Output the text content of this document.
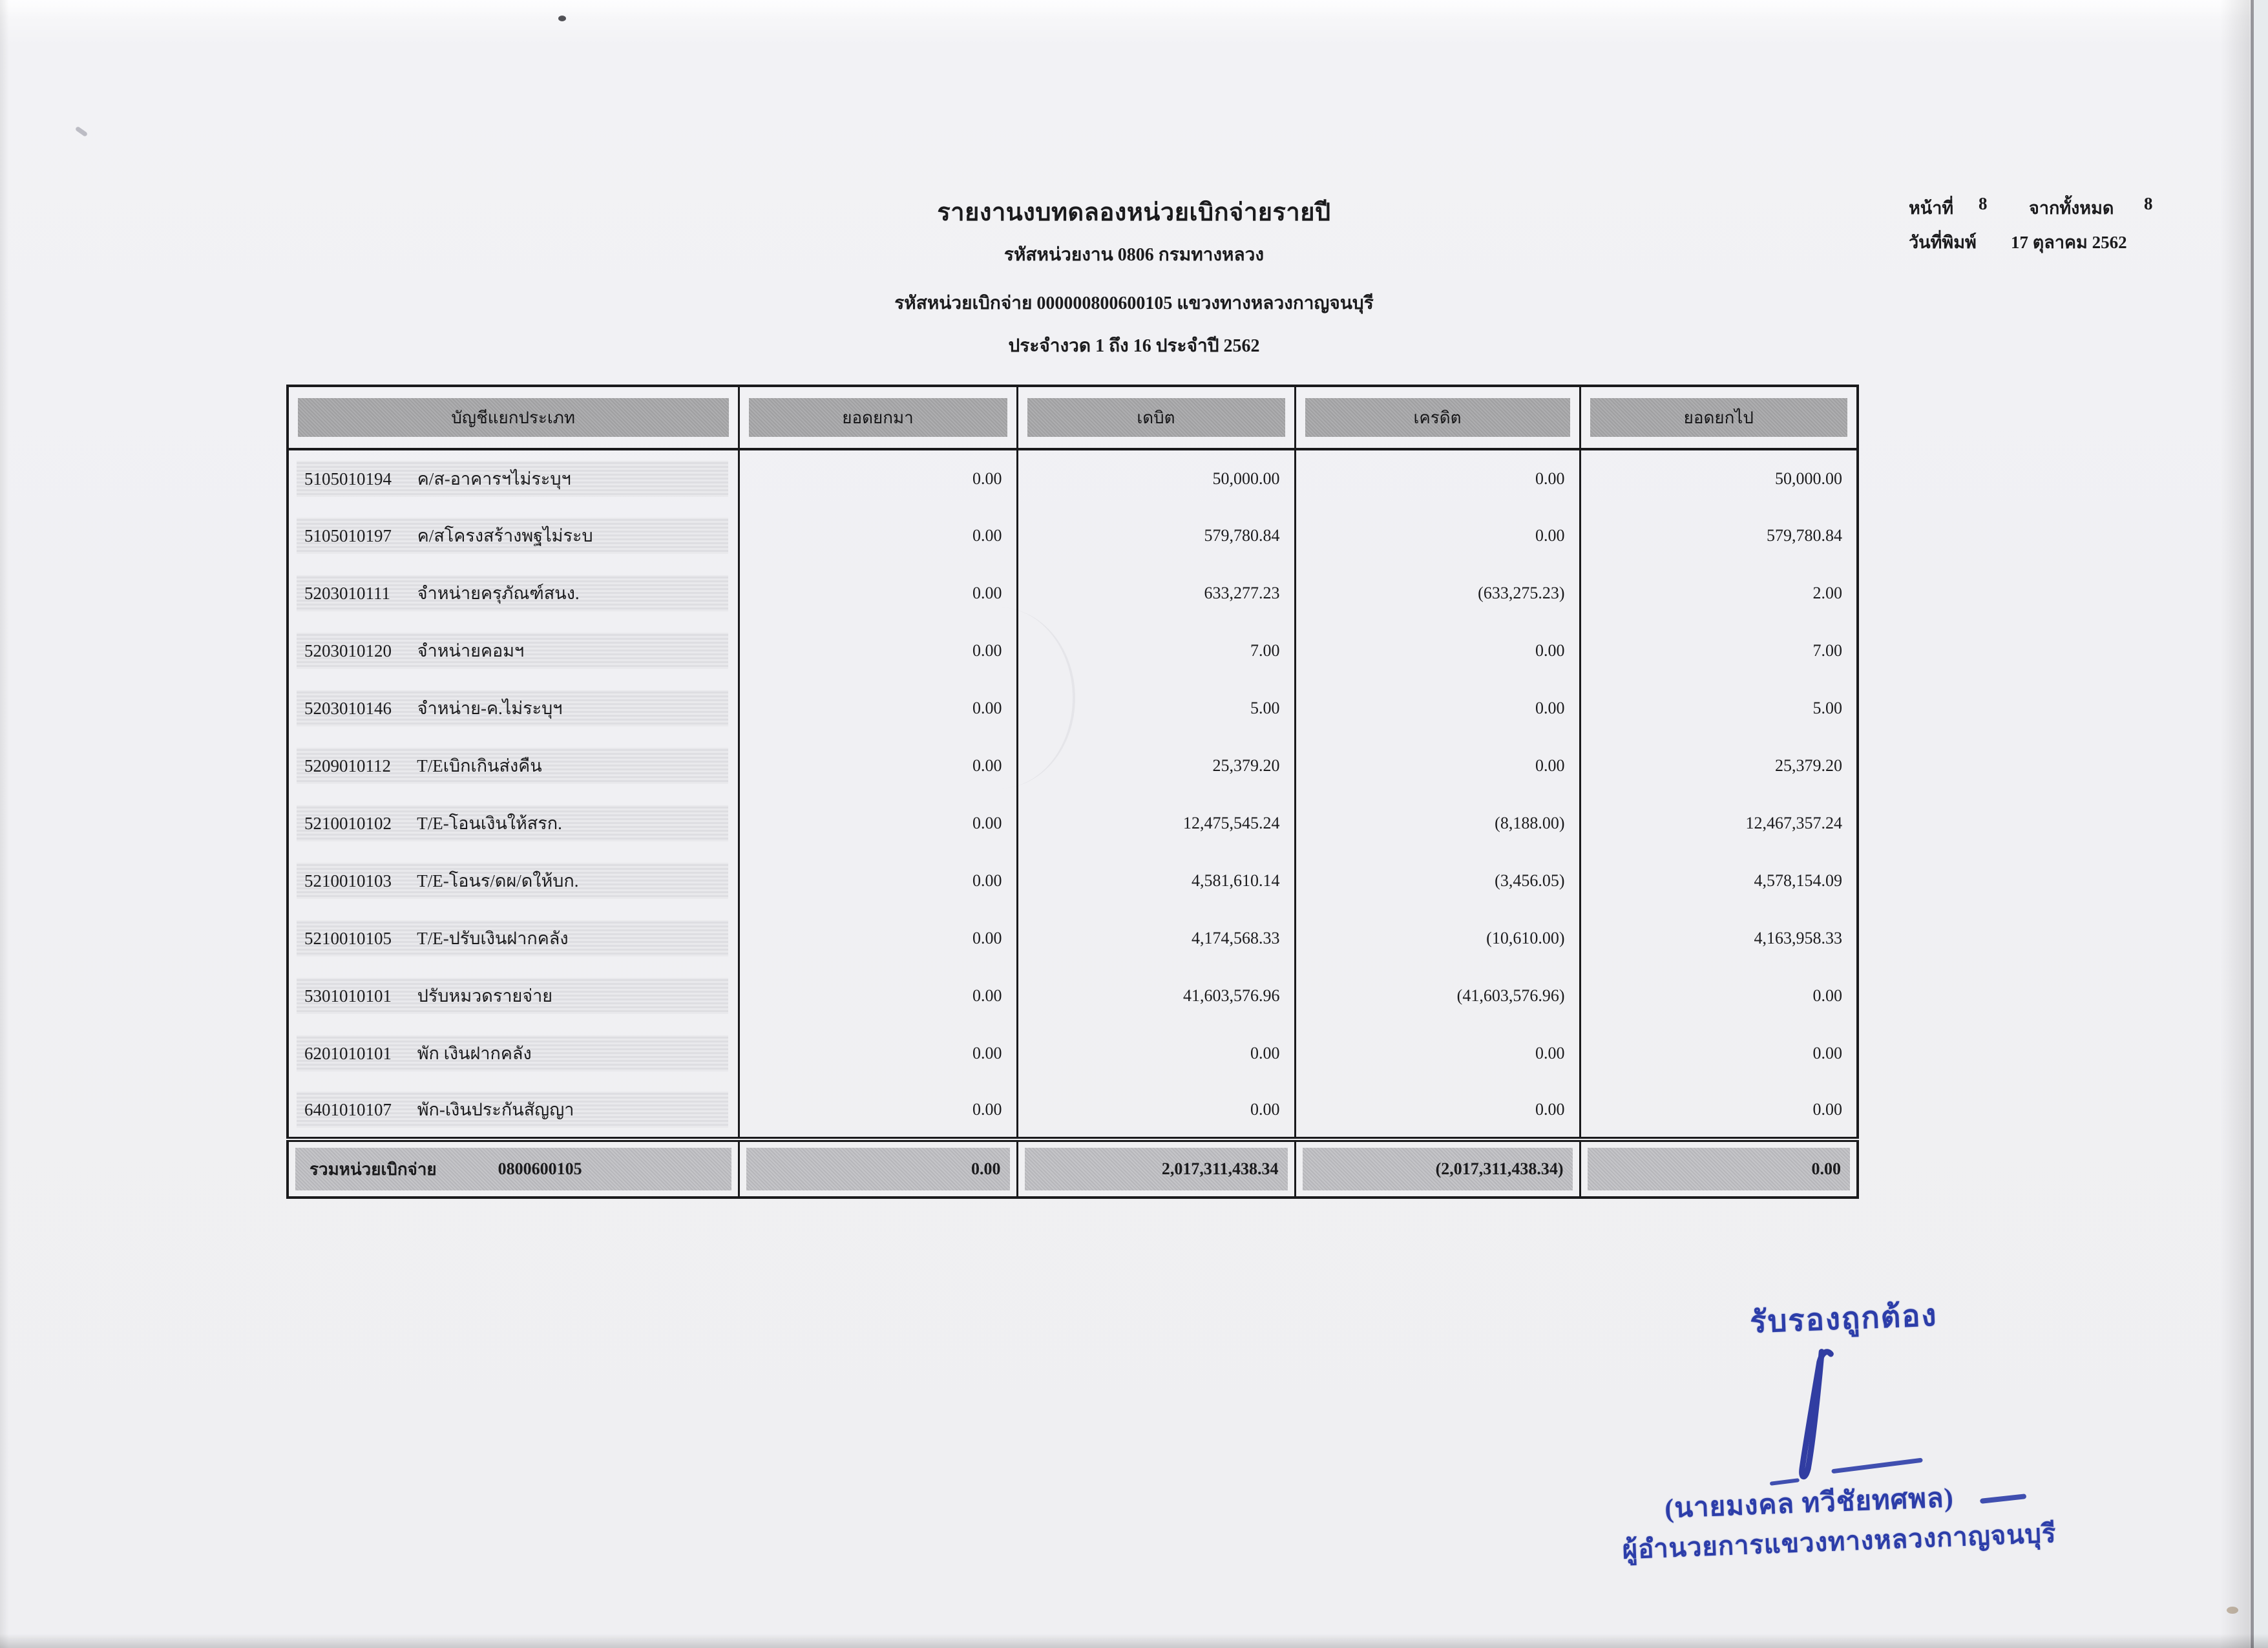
รายงานงบทดลองหน่วยเบิกจ่ายรายปี
รหัสหน่วยงาน 0806 กรมทางหลวง
รหัสหน่วยเบิกจ่าย 000000800600105 แขวงทางหลวงกาญจนบุรี
ประจำงวด 1 ถึง 16 ประจำปี 2562
หน้าที่ 8 จากทั้งหมด 8
วันที่พิมพ์ 17 ตุลาคม 2562
บัญชีแยกประเภท	ยอดยกมา	เดบิต	เครดิต	ยอดยกไป

5105010194 ค/ส-อาคารฯไม่ระบุฯ	0.00	50,000.00	0.00	50,000.00

5105010197 ค/สโครงสร้างพฐไม่ระบ	0.00	579,780.84	0.00	579,780.84

5203010111 จำหน่ายครุภัณฑ์สนง.	0.00	633,277.23	(633,275.23)	2.00

5203010120 จำหน่ายคอมฯ	0.00	7.00	0.00	7.00

5203010146 จำหน่าย-ค.ไม่ระบุฯ	0.00	5.00	0.00	5.00

5209010112 T/Eเบิกเกินส่งคืน	0.00	25,379.20	0.00	25,379.20

5210010102 T/E-โอนเงินให้สรก.	0.00	12,475,545.24	(8,188.00)	12,467,357.24

5210010103 T/E-โอนร/ดผ/ดให้บก.	0.00	4,581,610.14	(3,456.05)	4,578,154.09

5210010105 T/E-ปรับเงินฝากคลัง	0.00	4,174,568.33	(10,610.00)	4,163,958.33

5301010101 ปรับหมวดรายจ่าย	0.00	41,603,576.96	(41,603,576.96)	0.00

6201010101 พัก เงินฝากคลัง	0.00	0.00	0.00	0.00

6401010107 พัก-เงินประกันสัญญา	0.00	0.00	0.00	0.00

รวมหน่วยเบิกจ่าย 0800600105	0.00	2,017,311,438.34	(2,017,311,438.34)	0.00
รับรองถูกต้อง
(นายมงคล ทวีชัยทศพล)
ผู้อำนวยการแขวงทางหลวงกาญจนบุรี
